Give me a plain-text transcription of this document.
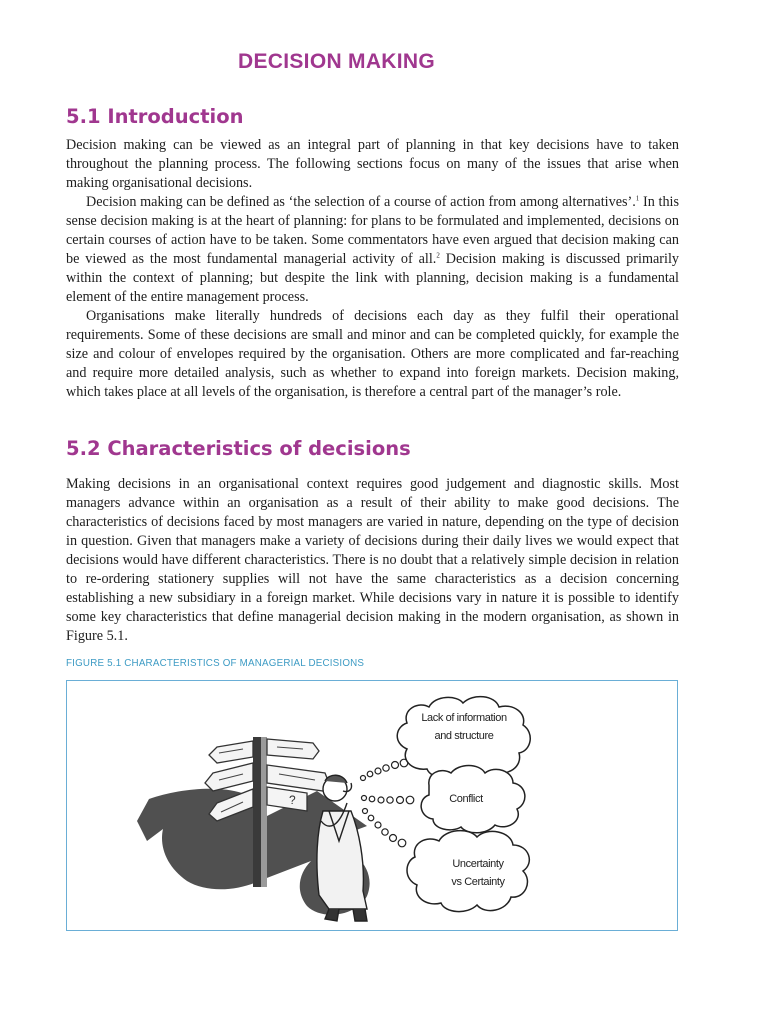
DECISION MAKING
5.1 Introduction

Decision making can be viewed as an integral part of planning in that key decisions have to taken throughout the planning process. The following sections focus on many of the issues that arise when making organisational decisions.

Decision making can be defined as ‘the selection of a course of action from among alternatives’.$^1$ In this sense decision making is at the heart of planning: for plans to be formulated and implemented, decisions on certain courses of action have to be taken. Some commentators have even argued that decision making can be viewed as the most fundamental managerial activity of all.$^2$ Decision making is discussed primarily within the context of planning; but despite the link with planning, decision making is a fundamental element of the entire management process.

Organisations make literally hundreds of decisions each day as they fulfil their operational requirements. Some of these decisions are small and minor and can be completed quickly, for example the size and colour of envelopes required by the organisation. Others are more complicated and far-reaching and require more detailed analysis, such as whether to expand into foreign markets. Decision making, which takes place at all levels of the organisation, is therefore a central part of the manager’s role.

5.2 Characteristics of decisions

Making decisions in an organisational context requires good judgement and diagnostic skills. Most managers advance within an organisation as a result of their ability to make good decisions. The characteristics of decisions faced by most managers are varied in nature, depending on the type of decision in question. Given that managers make a variety of decisions during their daily lives we would expect that decisions would have different characteristics. There is no doubt that a relatively simple decision in relation to re-ordering stationery supplies will not have the same characteristics as a decision concerning establishing a new subsidiary in a foreign market. While decisions vary in nature it is possible to identify some key characteristics that define managerial decision making in the modern organisation, as shown in Figure 5.1.

FIGURE 5.1 CHARACTERISTICS OF MANAGERIAL DECISIONS

?
Lack of information
and structure
Conflict
Uncertainty
vs Certainty
